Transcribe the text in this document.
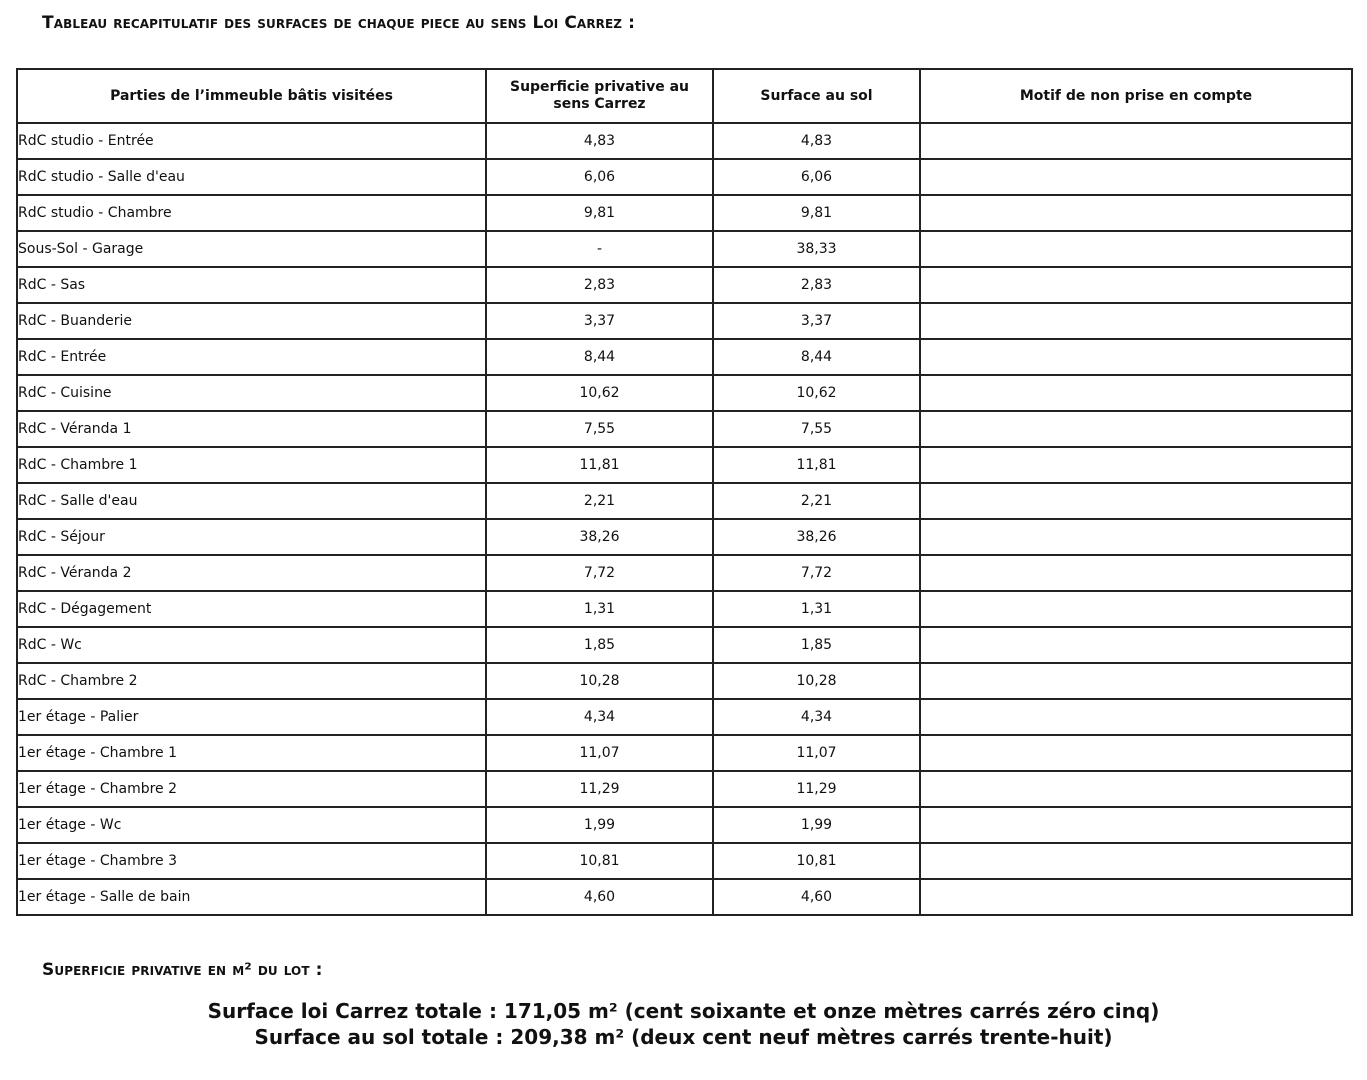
Tableau recapitulatif des surfaces de chaque piece au sens Loi Carrez :
Parties de l’immeuble bâtis visitées	Superficie privative au sens Carrez	Surface au sol	Motif de non prise en compte
RdC studio - Entrée	4,83	4,83	
RdC studio - Salle d'eau	6,06	6,06	
RdC studio - Chambre	9,81	9,81	
Sous-Sol - Garage	-	38,33	
RdC - Sas	2,83	2,83	
RdC - Buanderie	3,37	3,37	
RdC - Entrée	8,44	8,44	
RdC - Cuisine	10,62	10,62	
RdC - Véranda 1	7,55	7,55	
RdC - Chambre 1	11,81	11,81	
RdC - Salle d'eau	2,21	2,21	
RdC - Séjour	38,26	38,26	
RdC - Véranda 2	7,72	7,72	
RdC - Dégagement	1,31	1,31	
RdC - Wc	1,85	1,85	
RdC - Chambre 2	10,28	10,28	
1er étage - Palier	4,34	4,34	
1er étage - Chambre 1	11,07	11,07	
1er étage - Chambre 2	11,29	11,29	
1er étage - Wc	1,99	1,99	
1er étage - Chambre 3	10,81	10,81	
1er étage - Salle de bain	4,60	4,60	
Superficie privative en m² du lot :
Surface loi Carrez totale : 171,05 m² (cent soixante et onze mètres carrés zéro cinq)
Surface au sol totale : 209,38 m² (deux cent neuf mètres carrés trente-huit)
